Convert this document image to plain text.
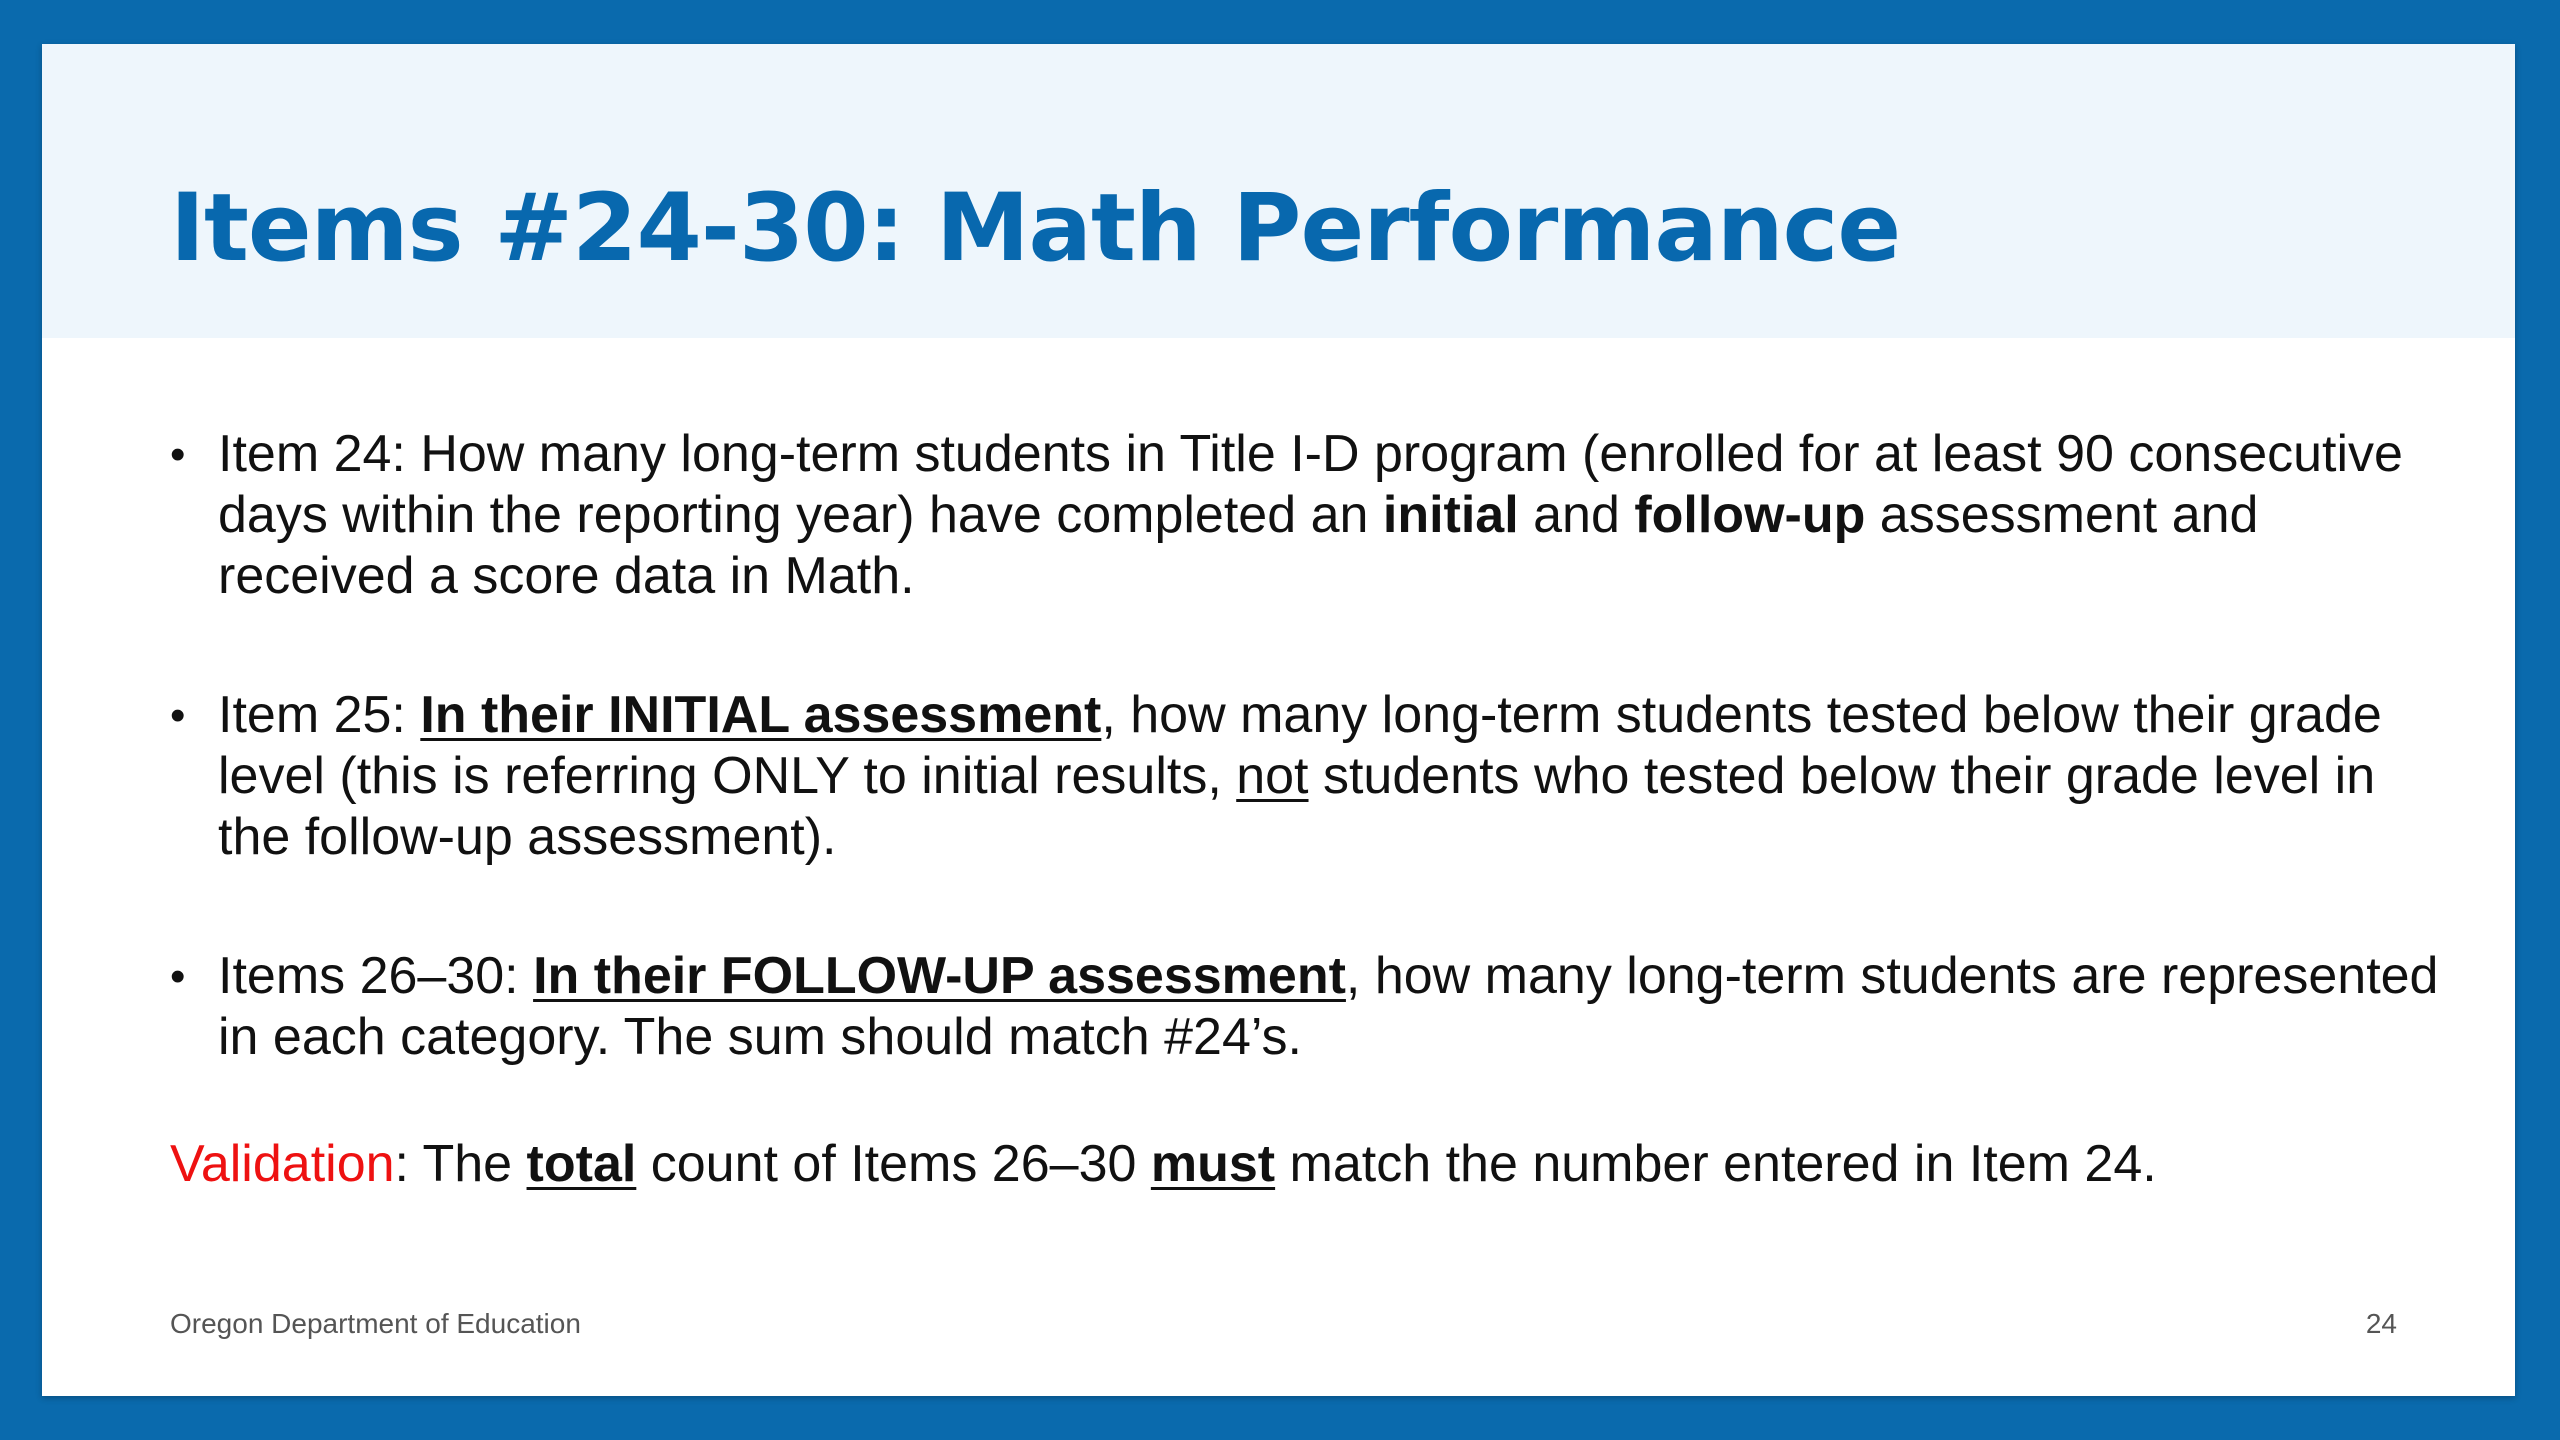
Items #24-30: Math Performance

• Item 24: How many long-term students in Title I-D program (enrolled for at least 90 consecutive days within the reporting year) have completed an initial and follow-up assessment and received a score data in Math.

• Item 25: In their INITIAL assessment, how many long-term students tested below their grade level (this is referring ONLY to initial results, not students who tested below their grade level in the follow-up assessment).

• Items 26–30: In their FOLLOW-UP assessment, how many long-term students are represented in each category. The sum should match #24’s.

Validation: The total count of Items 26–30 must match the number entered in Item 24.

Oregon Department of Education	24
